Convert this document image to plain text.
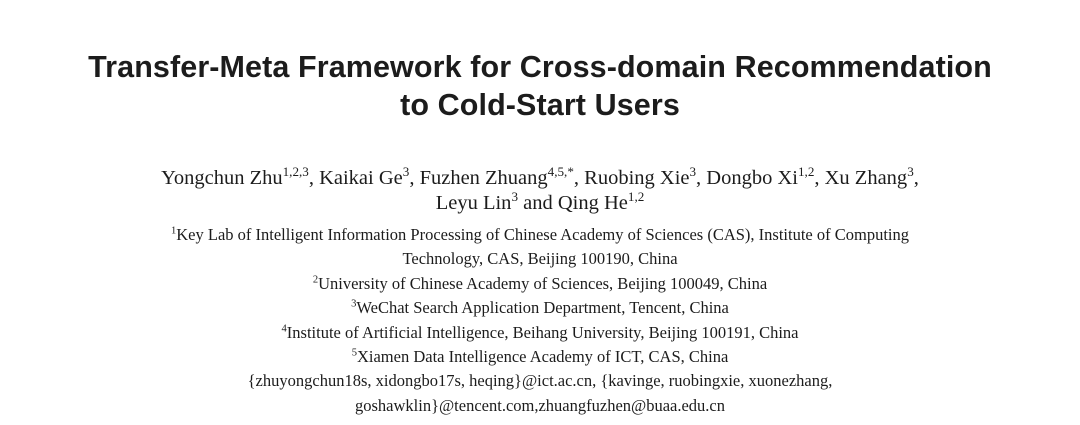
Transfer-Meta Framework for Cross-domain Recommendation
to Cold-Start Users
Yongchun Zhu$^{1,2,3}$, Kaikai Ge$^3$, Fuzhen Zhuang$^{4,5,*}$, Ruobing Xie$^3$, Dongbo Xi$^{1,2}$, Xu Zhang$^3$,
Leyu Lin$^3$ and Qing He$^{1,2}$
$^1$Key Lab of Intelligent Information Processing of Chinese Academy of Sciences (CAS), Institute of Computing
Technology, CAS, Beijing 100190, China
$^2$University of Chinese Academy of Sciences, Beijing 100049, China
$^3$WeChat Search Application Department, Tencent, China
$^4$Institute of Artificial Intelligence, Beihang University, Beijing 100191, China
$^5$Xiamen Data Intelligence Academy of ICT, CAS, China
{zhuyongchun18s, xidongbo17s, heqing}@ict.ac.cn, {kavinge, ruobingxie, xuonezhang,
goshawklin}@tencent.com,zhuangfuzhen@buaa.edu.cn
